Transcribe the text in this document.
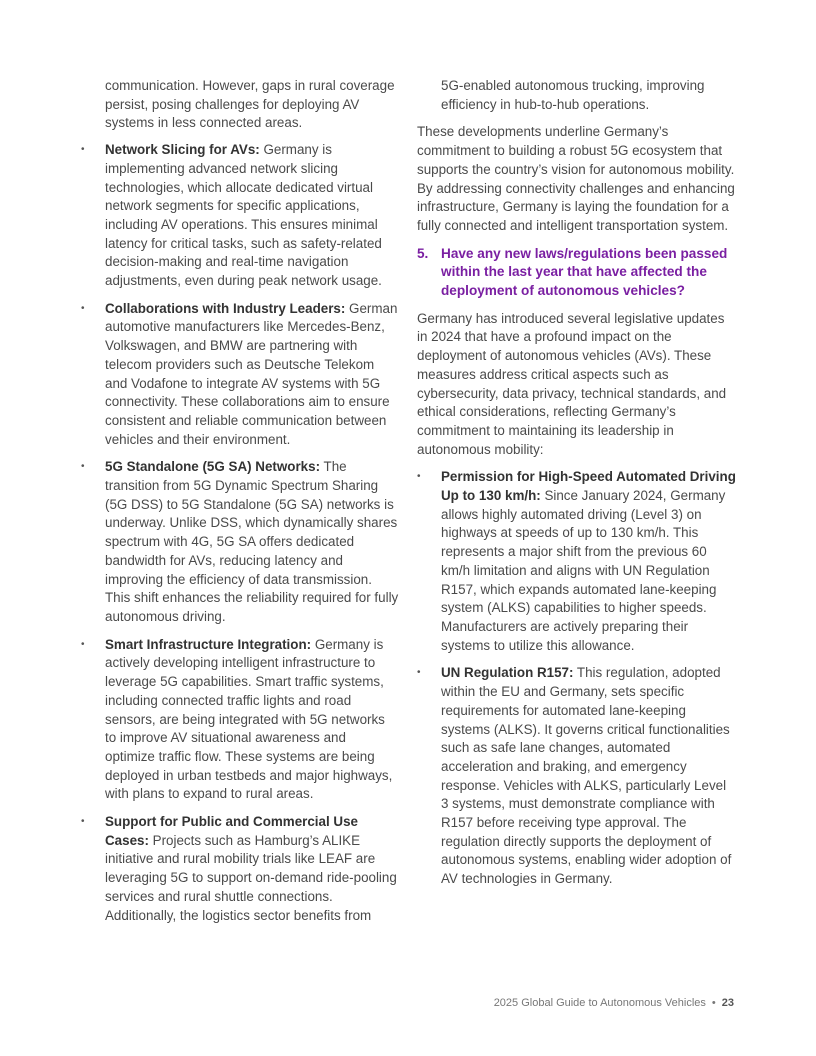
communication. However, gaps in rural coverage persist, posing challenges for deploying AV systems in less connected areas.

• Network Slicing for AVs: Germany is implementing advanced network slicing technologies, which allocate dedicated virtual network segments for specific applications, including AV operations. This ensures minimal latency for critical tasks, such as safety-related decision-making and real-time navigation adjustments, even during peak network usage.
• Collaborations with Industry Leaders: German automotive manufacturers like Mercedes-Benz, Volkswagen, and BMW are partnering with telecom providers such as Deutsche Telekom and Vodafone to integrate AV systems with 5G connectivity. These collaborations aim to ensure consistent and reliable communication between vehicles and their environment.
• 5G Standalone (5G SA) Networks: The transition from 5G Dynamic Spectrum Sharing (5G DSS) to 5G Standalone (5G SA) networks is underway. Unlike DSS, which dynamically shares spectrum with 4G, 5G SA offers dedicated bandwidth for AVs, reducing latency and improving the efficiency of data transmission. This shift enhances the reliability required for fully autonomous driving.
• Smart Infrastructure Integration: Germany is actively developing intelligent infrastructure to leverage 5G capabilities. Smart traffic systems, including connected traffic lights and road sensors, are being integrated with 5G networks to improve AV situational awareness and optimize traffic flow. These systems are being deployed in urban testbeds and major highways, with plans to expand to rural areas.
• Support for Public and Commercial Use Cases: Projects such as Hamburg’s ALIKE initiative and rural mobility trials like LEAF are leveraging 5G to support on-demand ride-pooling services and rural shuttle connections. Additionally, the logistics sector benefits from

5G-enabled autonomous trucking, improving efficiency in hub-to-hub operations.

These developments underline Germany’s commitment to building a robust 5G ecosystem that supports the country’s vision for autonomous mobility. By addressing connectivity challenges and enhancing infrastructure, Germany is laying the foundation for a fully connected and intelligent transportation system.

5. Have any new laws/regulations been passed within the last year that have affected the deployment of autonomous vehicles?

Germany has introduced several legislative updates in 2024 that have a profound impact on the deployment of autonomous vehicles (AVs). These measures address critical aspects such as cybersecurity, data privacy, technical standards, and ethical considerations, reflecting Germany’s commitment to maintaining its leadership in autonomous mobility:

• Permission for High-Speed Automated Driving Up to 130 km/h: Since January 2024, Germany allows highly automated driving (Level 3) on highways at speeds of up to 130 km/h. This represents a major shift from the previous 60 km/h limitation and aligns with UN Regulation R157, which expands automated lane-keeping system (ALKS) capabilities to higher speeds. Manufacturers are actively preparing their systems to utilize this allowance.
• UN Regulation R157: This regulation, adopted within the EU and Germany, sets specific requirements for automated lane-keeping systems (ALKS). It governs critical functionalities such as safe lane changes, automated acceleration and braking, and emergency response. Vehicles with ALKS, particularly Level 3 systems, must demonstrate compliance with R157 before receiving type approval. The regulation directly supports the deployment of autonomous systems, enabling wider adoption of AV technologies in Germany.
2025 Global Guide to Autonomous Vehicles • 23
